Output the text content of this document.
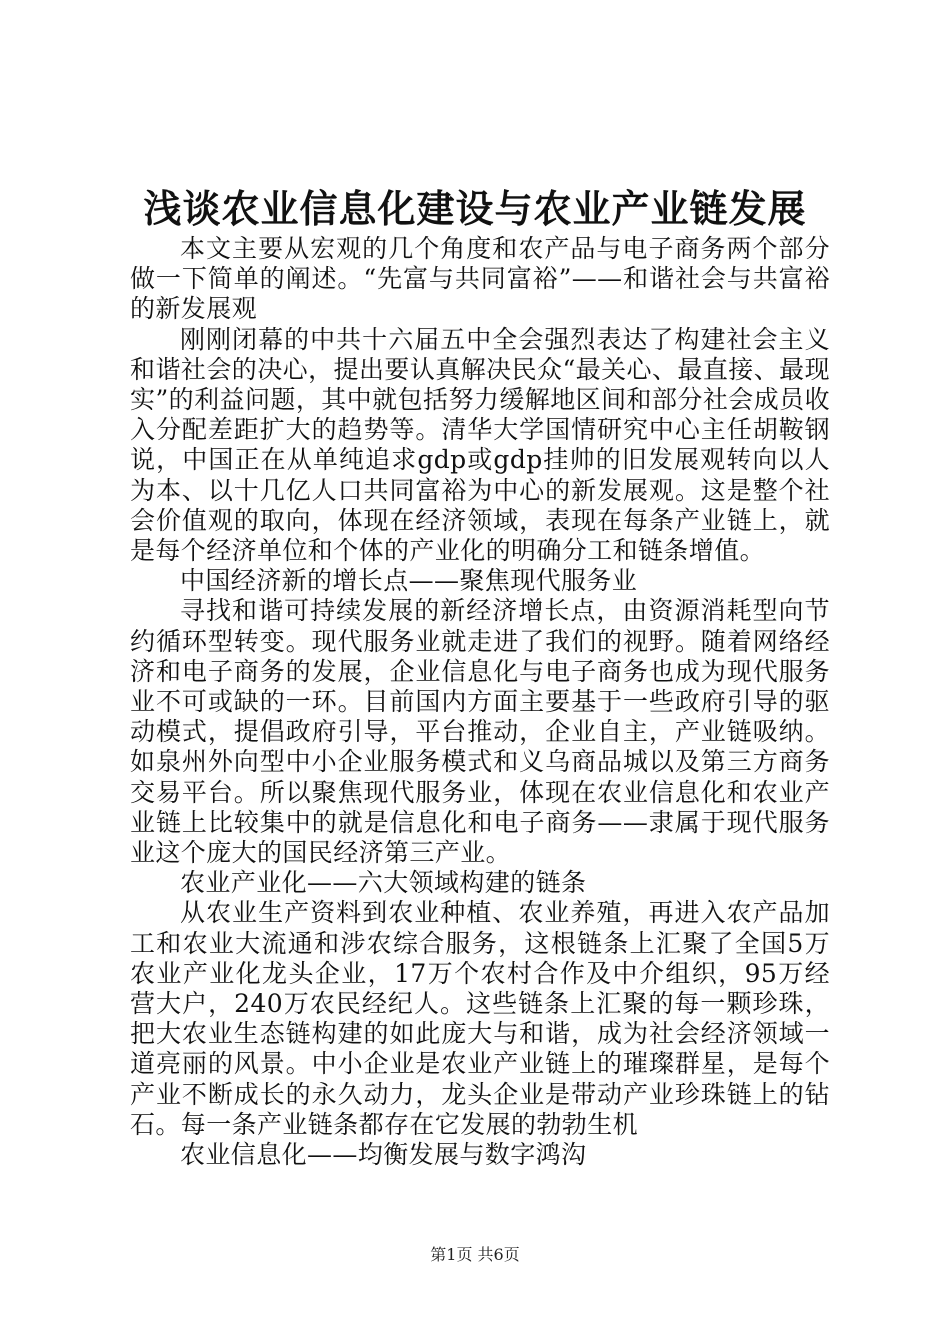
浅谈农业信息化建设与农业产业链发展

本文主要从宏观的几个角度和农产品与电子商务两个部分做一下简单的阐述。“先富与共同富裕”——和谐社会与共富裕的新发展观

刚刚闭幕的中共十六届五中全会强烈表达了构建社会主义和谐社会的决心，提出要认真解决民众“最关心、最直接、最现实”的利益问题，其中就包括努力缓解地区间和部分社会成员收入分配差距扩大的趋势等。清华大学国情研究中心主任胡鞍钢说，中国正在从单纯追求gdp或gdp挂帅的旧发展观转向以人为本、以十几亿人口共同富裕为中心的新发展观。这是整个社会价值观的取向，体现在经济领域，表现在每条产业链上，就是每个经济单位和个体的产业化的明确分工和链条增值。

中国经济新的增长点——聚焦现代服务业

寻找和谐可持续发展的新经济增长点，由资源消耗型向节约循环型转变。现代服务业就走进了我们的视野。随着网络经济和电子商务的发展，企业信息化与电子商务也成为现代服务业不可或缺的一环。目前国内方面主要基于一些政府引导的驱动模式，提倡政府引导，平台推动，企业自主，产业链吸纳。如泉州外向型中小企业服务模式和义乌商品城以及第三方商务交易平台。所以聚焦现代服务业，体现在农业信息化和农业产业链上比较集中的就是信息化和电子商务——隶属于现代服务业这个庞大的国民经济第三产业。

农业产业化——六大领域构建的链条

从农业生产资料到农业种植、农业养殖，再进入农产品加工和农业大流通和涉农综合服务，这根链条上汇聚了全国5万农业产业化龙头企业，17万个农村合作及中介组织，95万经营大户，240万农民经纪人。这些链条上汇聚的每一颗珍珠，把大农业生态链构建的如此庞大与和谐，成为社会经济领域一道亮丽的风景。中小企业是农业产业链上的璀璨群星，是每个产业不断成长的永久动力，龙头企业是带动产业珍珠链上的钻石。每一条产业链条都存在它发展的勃勃生机

农业信息化——均衡发展与数字鸿沟

第1页 共6页
